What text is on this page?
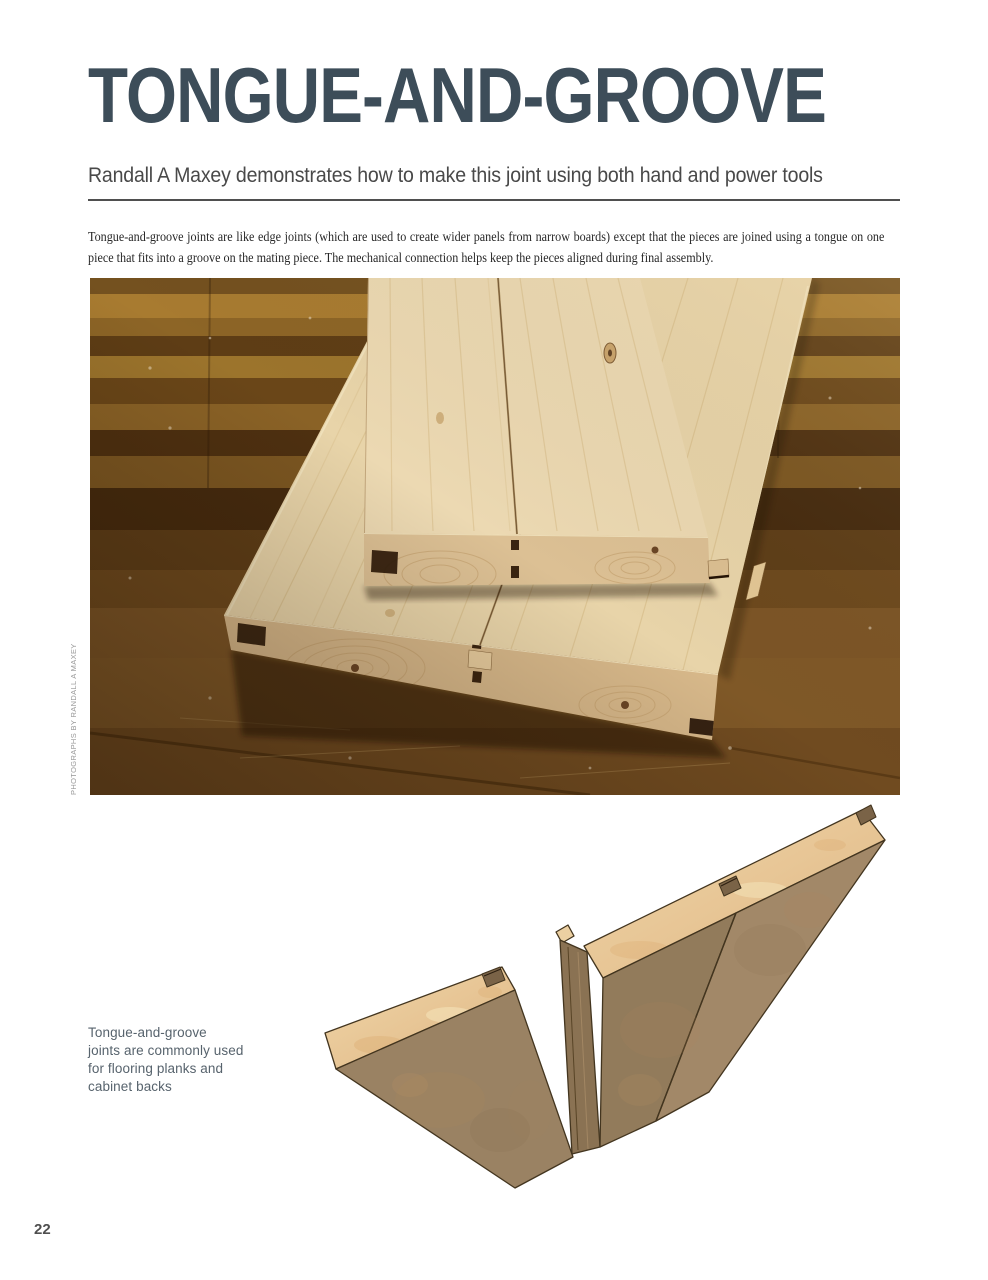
TONGUE-AND-GROOVE
Randall A Maxey demonstrates how to make this joint using both hand and power tools

Tongue-and-groove joints are like edge joints (which are used to create wider panels from narrow boards) except that the pieces are joined using a tongue on one piece that fits into a groove on the mating piece. The mechanical connection helps keep the pieces aligned during final assembly.

PHOTOGRAPHS BY RANDALL A MAXEY
Tongue-and-groove
joints are commonly used
for flooring planks and
cabinet backs
22
